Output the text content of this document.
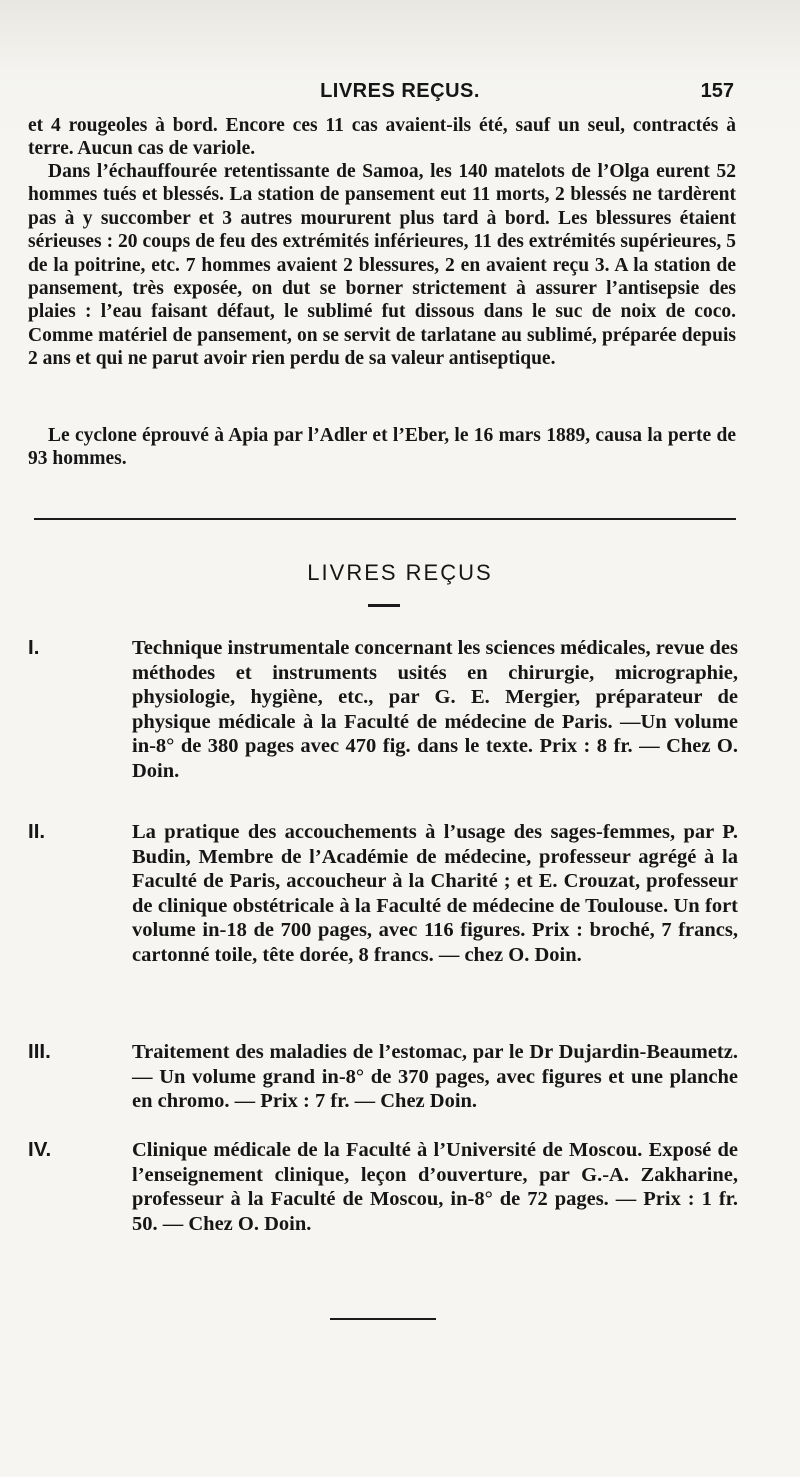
LIVRES REÇUS.	157

et 4 rougeoles à bord. Encore ces 11 cas avaient-ils été, sauf un seul, contractés à terre. Aucun cas de variole.

Dans l’échauffourée retentissante de Samoa, les 140 matelots de l’Olga eurent 52 hommes tués et blessés. La station de pansement eut 11 morts, 2 blessés ne tardèrent pas à y succomber et 3 autres moururent plus tard à bord. Les blessures étaient sérieuses : 20 coups de feu des extrémités inférieures, 11 des extrémités supérieures, 5 de la poitrine, etc. 7 hommes avaient 2 blessures, 2 en avaient reçu 3. A la station de pansement, très exposée, on dut se borner strictement à assurer l’antisepsie des plaies : l’eau faisant défaut, le sublimé fut dissous dans le suc de noix de coco. Comme matériel de pansement, on se servit de tarlatane au sublimé, préparée depuis 2 ans et qui ne parut avoir rien perdu de sa valeur antiseptique.

Le cyclone éprouvé à Apia par l’Adler et l’Eber, le 16 mars 1889, causa la perte de 93 hommes.

LIVRES REÇUS
I.	Technique instrumentale concernant les sciences médicales, revue des méthodes et instruments usités en chirurgie, micrographie, physiologie, hygiène, etc., par G. E. Mergier, préparateur de physique médicale à la Faculté de médecine de Paris. —Un volume in-8° de 380 pages avec 470 fig. dans le texte. Prix : 8 fr. — Chez O. Doin.
II.	La pratique des accouchements à l’usage des sages-femmes, par P. Budin, Membre de l’Académie de médecine, professeur agrégé à la Faculté de Paris, accoucheur à la Charité ; et E. Crouzat, professeur de clinique obstétricale à la Faculté de médecine de Toulouse. Un fort volume in-18 de 700 pages, avec 116 figures. Prix : broché, 7 francs, cartonné toile, tête dorée, 8 francs. — chez O. Doin.
III.	Traitement des maladies de l’estomac, par le Dr Dujardin-Beaumetz. — Un volume grand in-8° de 370 pages, avec figures et une planche en chromo. — Prix : 7 fr. — Chez Doin.
IV.	Clinique médicale de la Faculté à l’Université de Moscou. Exposé de l’enseignement clinique, leçon d’ouverture, par G.-A. Zakharine, professeur à la Faculté de Moscou, in-8° de 72 pages. — Prix : 1 fr. 50. — Chez O. Doin.
